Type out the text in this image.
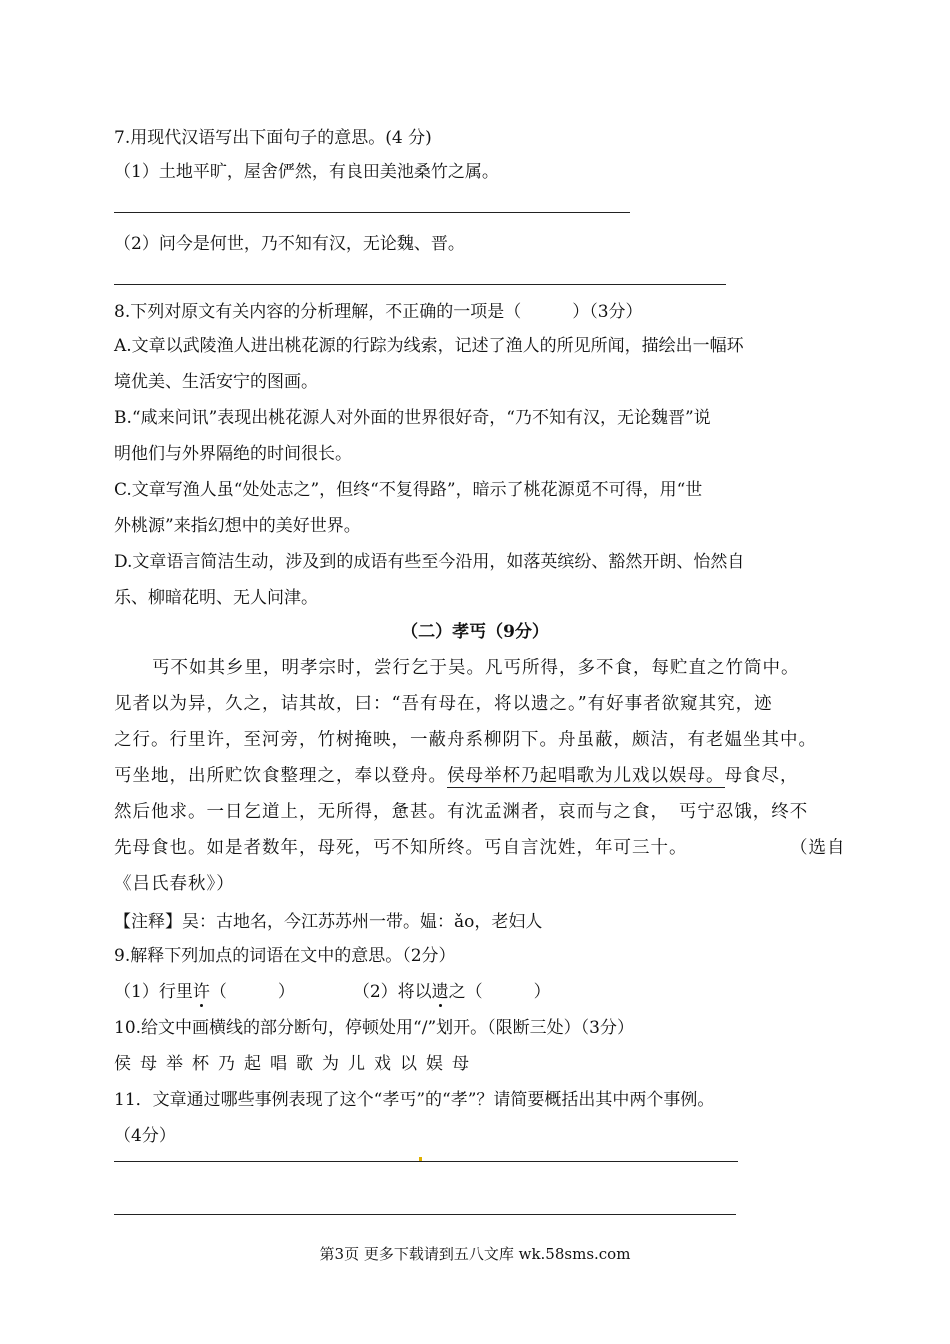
7.用现代汉语写出下面句子的意思。(4 分)
（1）土地平旷，屋舍俨然，有良田美池桑竹之属。
（2）问今是何世，乃不知有汉，无论魏、晋。
8.下列对原文有关内容的分析理解，不正确的一项是（　　　）（3分）
A.文章以武陵渔人进出桃花源的行踪为线索，记述了渔人的所见所闻，描绘出一幅环
境优美、生活安宁的图画。
B.“咸来问讯”表现出桃花源人对外面的世界很好奇，“乃不知有汉，无论魏晋”说
明他们与外界隔绝的时间很长。
C.文章写渔人虽“处处志之”，但终“不复得路”，暗示了桃花源觅不可得，用“世
外桃源”来指幻想中的美好世界。
D.文章语言简洁生动，涉及到的成语有些至今沿用，如落英缤纷、豁然开朗、怡然自
乐、柳暗花明、无人问津。
（二）孝丐（9分）
丐不如其乡里，明孝宗时，尝行乞于吴。凡丐所得，多不食，每贮直之竹筒中。
见者以为异，久之，诘其故，曰：“吾有母在，将以遗之。”有好事者欲窥其究，迹
之行。行里许，至河旁，竹树掩映，一蔽舟系柳阴下。舟虽蔽，颇洁，有老媪坐其中。
丐坐地，出所贮饮食整理之，奉以登舟。侯母举杯乃起唱歌为儿戏以娱母。母食尽，
然后他求。一日乞道上，无所得，惫甚。有沈孟渊者，哀而与之食，　丐宁忍饿，终不
先母食也。如是者数年，母死，丐不知所终。丐自言沈姓，年可三十。	（选自
《吕氏春秋》）
【注释】吴：古地名，今江苏苏州一带。媪：ǎo，老妇人
9.解释下列加点的词语在文中的意思。（2分）
（1）行里许（　　　）	（2）将以遗之（　　　）
10.给文中画横线的部分断句，停顿处用“/”划开。（限断三处）（3分）
侯母举杯乃起唱歌为儿戏以娱母
11．文章通过哪些事例表现了这个“孝丐”的“孝”？请简要概括出其中两个事例。
（4分）
第3页 更多下载请到五八文库 wk.58sms.com
